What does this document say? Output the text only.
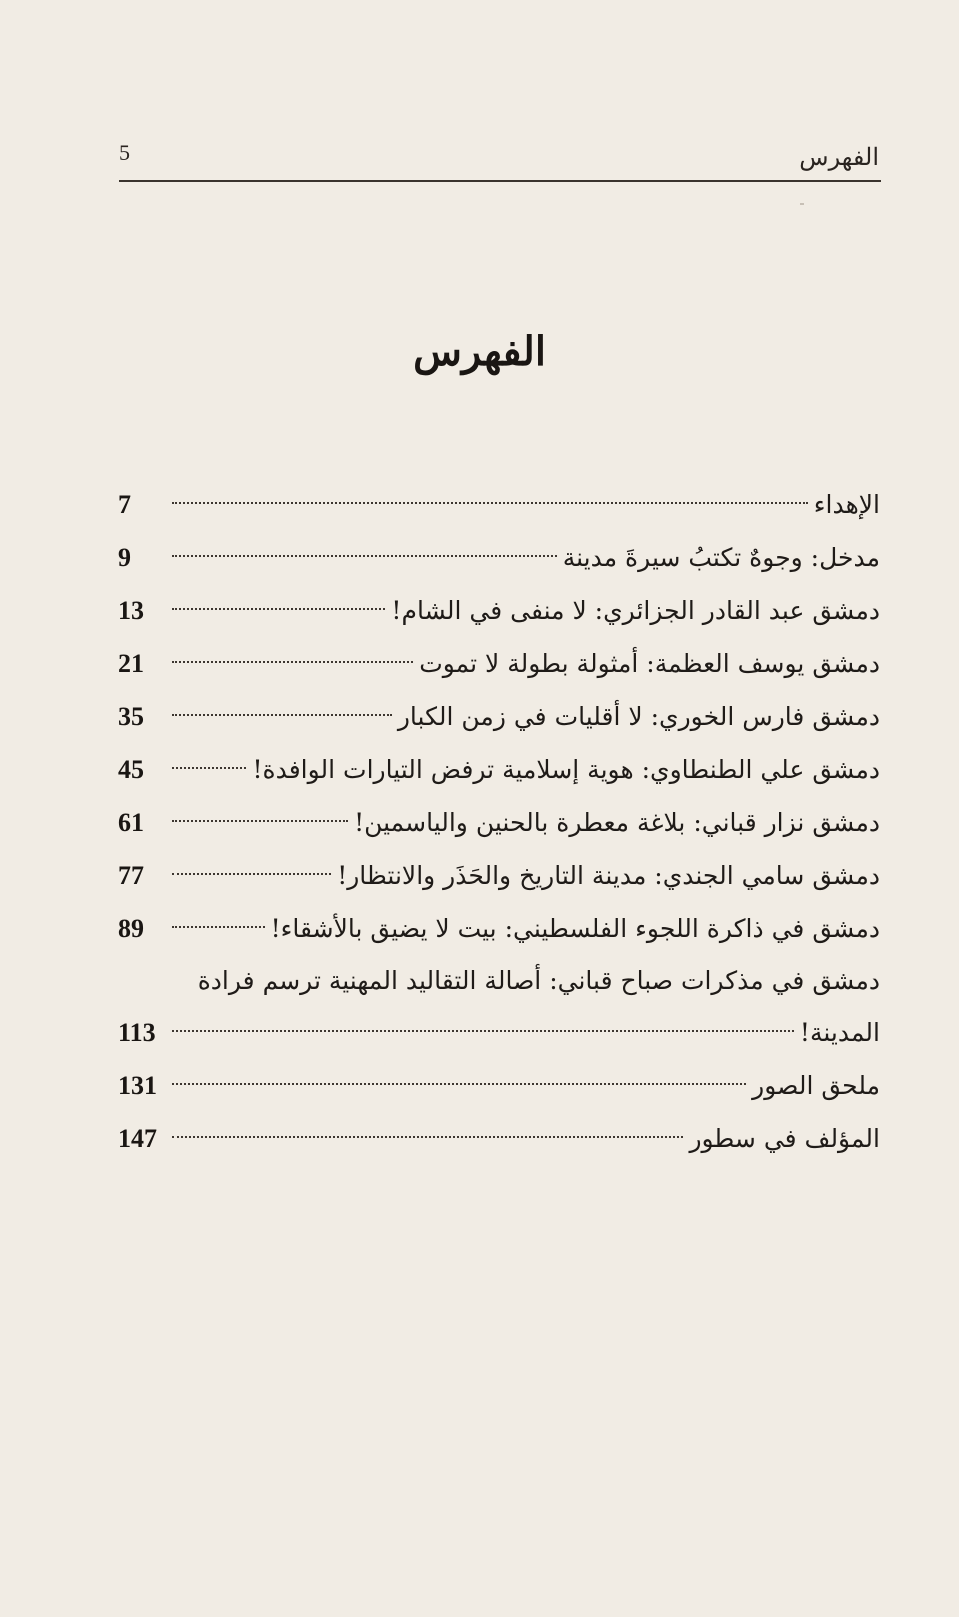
5	الفهرس
الفهرس
الإهداء
7
مدخل: وجوهٌ تكتبُ سيرةَ مدينة
9
دمشق عبد القادر الجزائري: لا منفى في الشام!
13
دمشق يوسف العظمة: أمثولة بطولة لا تموت
21
دمشق فارس الخوري: لا أقليات في زمن الكبار
35
دمشق علي الطنطاوي: هوية إسلامية ترفض التيارات الوافدة!
45
دمشق نزار قباني: بلاغة معطرة بالحنين والياسمين!
61
دمشق سامي الجندي: مدينة التاريخ والحَذَر والانتظار!
77
دمشق في ذاكرة اللجوء الفلسطيني: بيت لا يضيق بالأشقاء!
89
دمشق في مذكرات صباح قباني: أصالة التقاليد المهنية ترسم فرادة
المدينة!
113
ملحق الصور
131
المؤلف في سطور
147
